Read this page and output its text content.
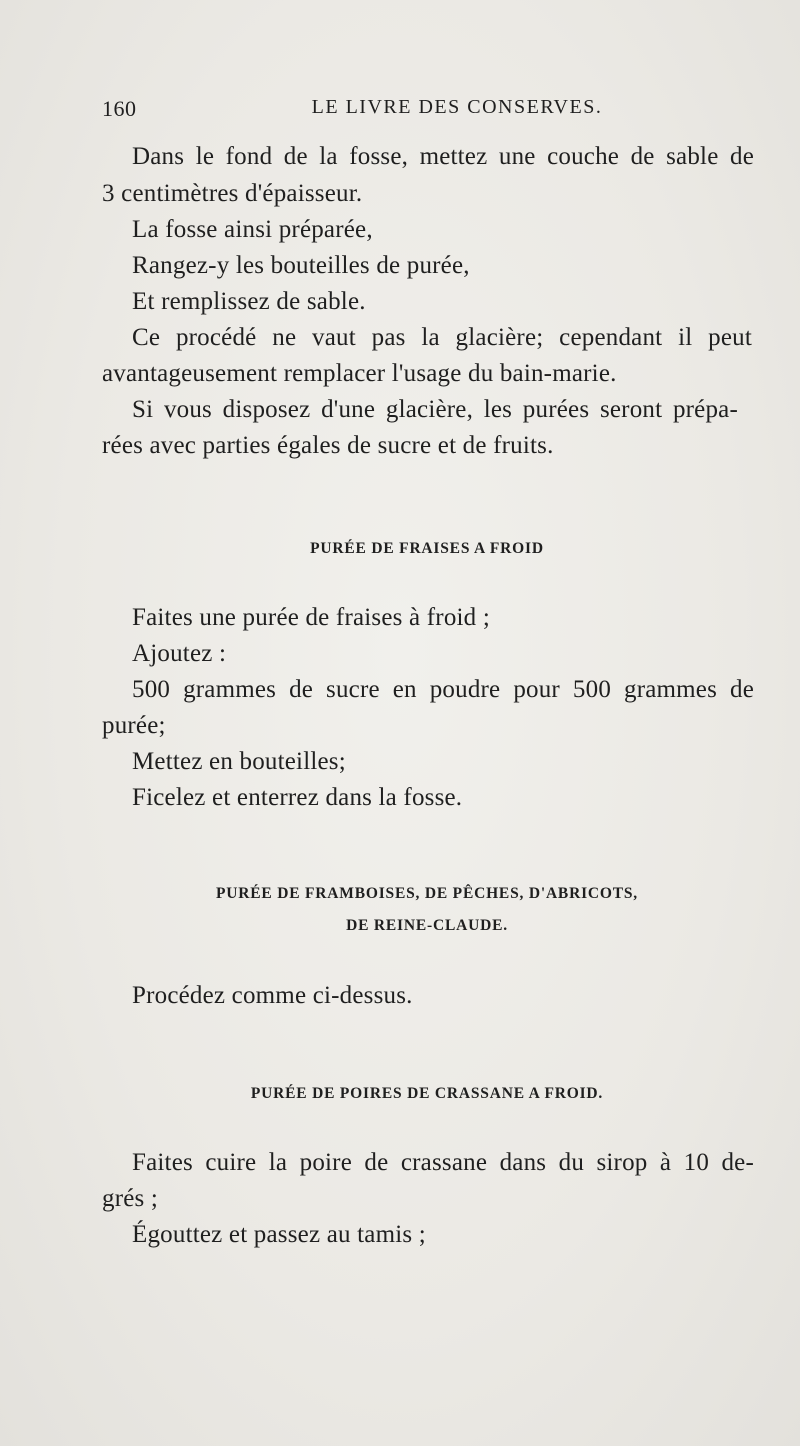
160	LE LIVRE DES CONSERVES.
Dans le fond de la fosse, mettez une couche de sable de
3 centimètres d'épaisseur.
La fosse ainsi préparée,
Rangez-y les bouteilles de purée,
Et remplissez de sable.
Ce procédé ne vaut pas la glacière; cependant il peut
avantageusement remplacer l'usage du bain-marie.
Si vous disposez d'une glacière, les purées seront prépa-
rées avec parties égales de sucre et de fruits.
PURÉE DE FRAISES A FROID
Faites une purée de fraises à froid ;
Ajoutez :
500 grammes de sucre en poudre pour 500 grammes de
purée;
Mettez en bouteilles;
Ficelez et enterrez dans la fosse.
PURÉE DE FRAMBOISES, DE PÊCHES, D'ABRICOTS,
DE REINE-CLAUDE.
Procédez comme ci-dessus.
PURÉE DE POIRES DE CRASSANE A FROID.
Faites cuire la poire de crassane dans du sirop à 10 de-
grés ;
Égouttez et passez au tamis ;
